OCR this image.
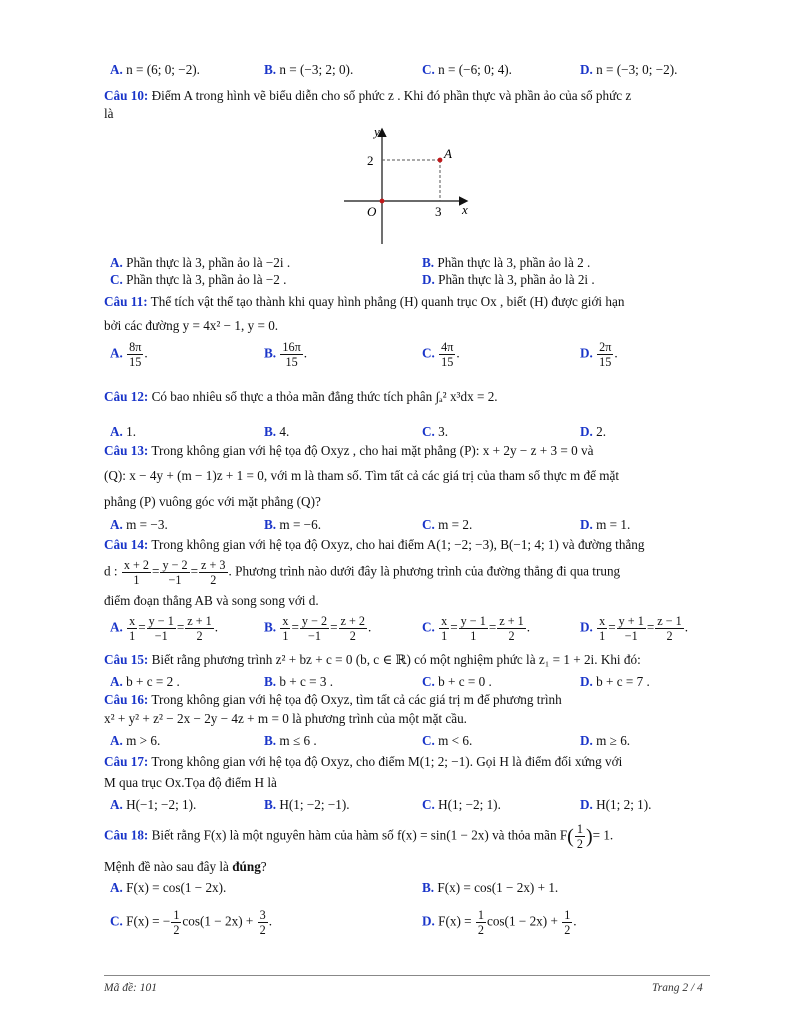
A. n = (6; 0; −2).	B. n = (−3; 2; 0).	C. n = (−6; 0; 4).	D. n = (−3; 0; −2).
Câu 10: Điểm A trong hình vẽ biểu diễn cho số phức z . Khi đó phần thực và phần ảo của số phức z
là
y
x
O
A
2
3
A. Phần thực là 3, phần ảo là −2i .	B. Phần thực là 3, phần ảo là 2 .
C. Phần thực là 3, phần ảo là −2 .	D. Phần thực là 3, phần ảo là 2i .
Câu 11: Thể tích vật thể tạo thành khi quay hình phẳng (H) quanh trục Ox , biết (H) được giới hạn
bởi các đường y = 4x² − 1, y = 0.
A. $\frac{8\pi}{15}$ .	B. $\frac{16\pi}{15}$ .	C. $\frac{4\pi}{15}$ .	D. $\frac{2\pi}{15}$ .
Câu 12: Có bao nhiêu số thực a thỏa mãn đẳng thức tích phân ∫ₐ² x³dx = 2.
A. 1.	B. 4.	C. 3.	D. 2.
Câu 13: Trong không gian với hệ tọa độ Oxyz , cho hai mặt phẳng (P): x + 2y − z + 3 = 0 và
(Q): x − 4y + (m − 1)z + 1 = 0, với m là tham số. Tìm tất cả các giá trị của tham số thực m để mặt
phẳng (P) vuông góc với mặt phẳng (Q)?
A. m = −3.	B. m = −6.	C. m = 2.	D. m = 1.
Câu 14: Trong không gian với hệ tọa độ Oxyz, cho hai điểm A(1; −2; −3), B(−1; 4; 1) và đường thẳng
d : $\frac{x + 2}{1} = \frac{y - 2}{-1} = \frac{z + 3}{2}$ . Phương trình nào dưới đây là phương trình của đường thẳng đi qua trung
điểm đoạn thẳng AB và song song với d.
A. $\frac{x}{1} = \frac{y - 1}{-1} = \frac{z + 1}{2}$ .	B. $\frac{x}{1} = \frac{y - 2}{-1} = \frac{z + 2}{2}$ .	C. $\frac{x}{1} = \frac{y - 1}{1} = \frac{z + 1}{2}$ .	D. $\frac{x}{1} = \frac{y + 1}{-1} = \frac{z - 1}{2}$ .
Câu 15: Biết rằng phương trình z² + bz + c = 0 (b, c ∈ ℝ) có một nghiệm phức là z₁ = 1 + 2i. Khi đó:
A. b + c = 2 .	B. b + c = 3 .	C. b + c = 0 .	D. b + c = 7 .
Câu 16: Trong không gian với hệ tọa độ Oxyz, tìm tất cả các giá trị m để phương trình
x² + y² + z² − 2x − 2y − 4z + m = 0 là phương trình của một mặt cầu.
A. m > 6.	B. m ≤ 6 .	C. m < 6.	D. m ≥ 6.
Câu 17: Trong không gian với hệ tọa độ Oxyz, cho điểm M(1; 2; −1). Gọi H là điểm đối xứng với
M qua trục Ox.Tọa độ điểm H là
A. H(−1; −2; 1).	B. H(1; −2; −1).	C. H(1; −2; 1).	D. H(1; 2; 1).
Câu 18: Biết rằng F(x) là một nguyên hàm của hàm số f(x) = sin(1 − 2x) và thỏa mãn $F( \frac{1}{2}$ )= 1.
Mệnh đề nào sau đây là đúng?
A. F(x) = cos(1 − 2x).	B. F(x) = cos(1 − 2x) + 1.
C. F(x) = − $\frac{1}{2} \cos(1 - 2x) + \frac{3}{2}$ .	D. $F(x) = \frac{1}{2} \cos(1 - 2x) + \frac{1}{2}$ .
Mã đề: 101	Trang 2 / 4
